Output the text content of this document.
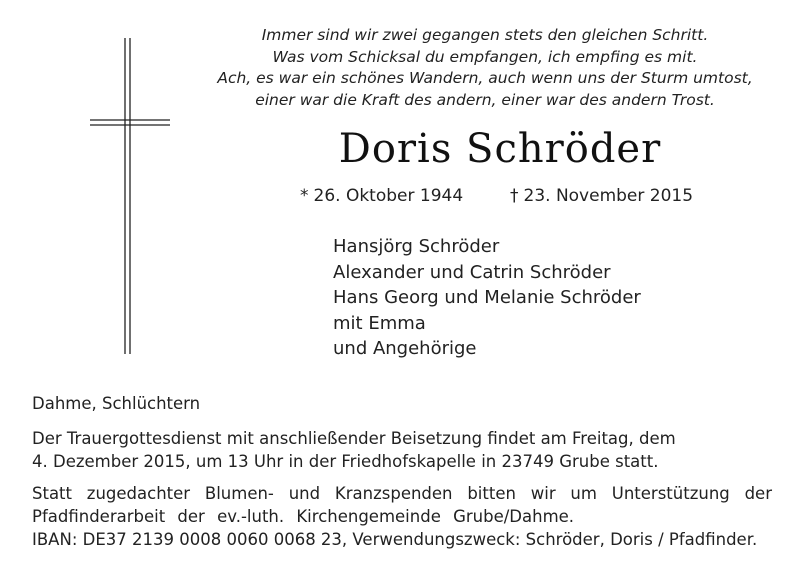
Immer sind wir zwei gegangen stets den gleichen Schritt.
Was vom Schicksal du empfangen, ich empfing es mit.
Ach, es war ein schönes Wandern, auch wenn uns der Sturm umtost,
einer war die Kraft des andern, einer war des andern Trost.
Doris Schröder
* 26. Oktober 1944	† 23. November 2015
Hansjörg Schröder
Alexander und Catrin Schröder
Hans Georg und Melanie Schröder
mit Emma
und Angehörige
Dahme, Schlüchtern
Der Trauergottesdienst mit anschließender Beisetzung findet am Freitag, dem
4. Dezember 2015, um 13 Uhr in der Friedhofskapelle in 23749 Grube statt.
Statt zugedachter Blumen- und Kranzspenden bitten wir um Unterstützung der
Pfadfinderarbeit der ev.-luth. Kirchengemeinde Grube/Dahme.
IBAN: DE37 2139 0008 0060 0068 23, Verwendungszweck: Schröder, Doris / Pfadfinder.
